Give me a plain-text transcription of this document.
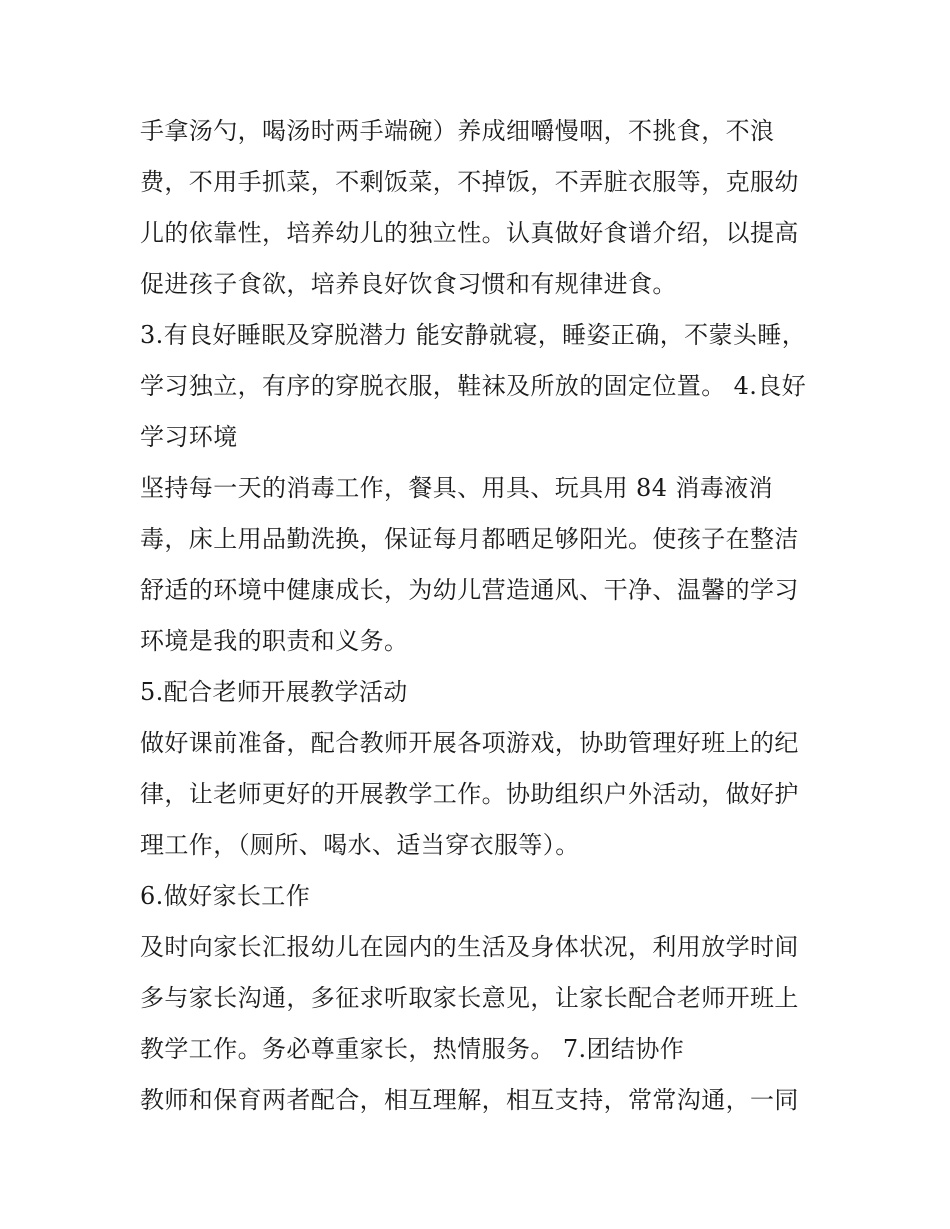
手拿汤勺，喝汤时两手端碗）养成细嚼慢咽，不挑食，不浪
费，不用手抓菜，不剩饭菜，不掉饭，不弄脏衣服等，克服幼
儿的依靠性，培养幼儿的独立性。认真做好食谱介绍，以提高
促进孩子食欲，培养良好饮食习惯和有规律进食。
3.有良好睡眠及穿脱潜力 能安静就寝，睡姿正确，不蒙头睡，
学习独立，有序的穿脱衣服，鞋袜及所放的固定位置。 4.良好
学习环境
坚持每一天的消毒工作，餐具、用具、玩具用 84 消毒液消
毒，床上用品勤洗换，保证每月都晒足够阳光。使孩子在整洁
舒适的环境中健康成长，为幼儿营造通风、干净、温馨的学习
环境是我的职责和义务。
5.配合老师开展教学活动
做好课前准备，配合教师开展各项游戏，协助管理好班上的纪
律，让老师更好的开展教学工作。协助组织户外活动，做好护
理工作，（厕所、喝水、适当穿衣服等）。
6.做好家长工作
及时向家长汇报幼儿在园内的生活及身体状况，利用放学时间
多与家长沟通，多征求听取家长意见，让家长配合老师开班上
教学工作。务必尊重家长，热情服务。 7.团结协作
教师和保育两者配合，相互理解，相互支持，常常沟通，一同
